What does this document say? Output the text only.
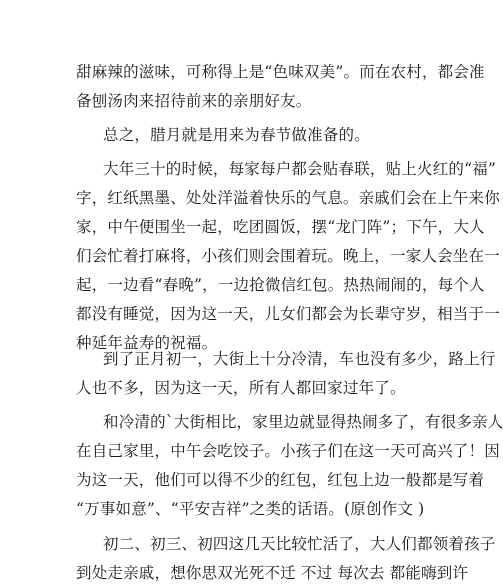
甜麻辣的滋味，可称得上是“色味双美”。而在农村，都会准
备刨汤肉来招待前来的亲朋好友。
总之，腊月就是用来为春节做准备的。
大年三十的时候，每家每户都会贴春联，贴上火红的“福”
字，红纸黑墨、处处洋溢着快乐的气息。亲戚们会在上午来你
家，中午便围坐一起，吃团圆饭，摆“龙门阵”；下午，大人
们会忙着打麻将，小孩们则会围着玩。晚上，一家人会坐在一
起，一边看“春晚”，一边抢微信红包。热热闹闹的，每个人
都没有睡觉，因为这一天，儿女们都会为长辈守岁，相当于一
种延年益寿的祝福。
到了正月初一，大街上十分冷清，车也没有多少，路上行
人也不多，因为这一天，所有人都回家过年了。
和冷清的`大街相比，家里边就显得热闹多了，有很多亲人
在自己家里，中午会吃饺子。小孩子们在这一天可高兴了！因
为这一天，他们可以得不少的红包，红包上边一般都是写着
“万事如意”、“平安吉祥”之类的话语。(原创作文 )
初二、初三、初四这几天比较忙活了，大人们都领着孩子
到处走亲戚，想你思双光死不迁 不过 每次去 都能嗨到许
